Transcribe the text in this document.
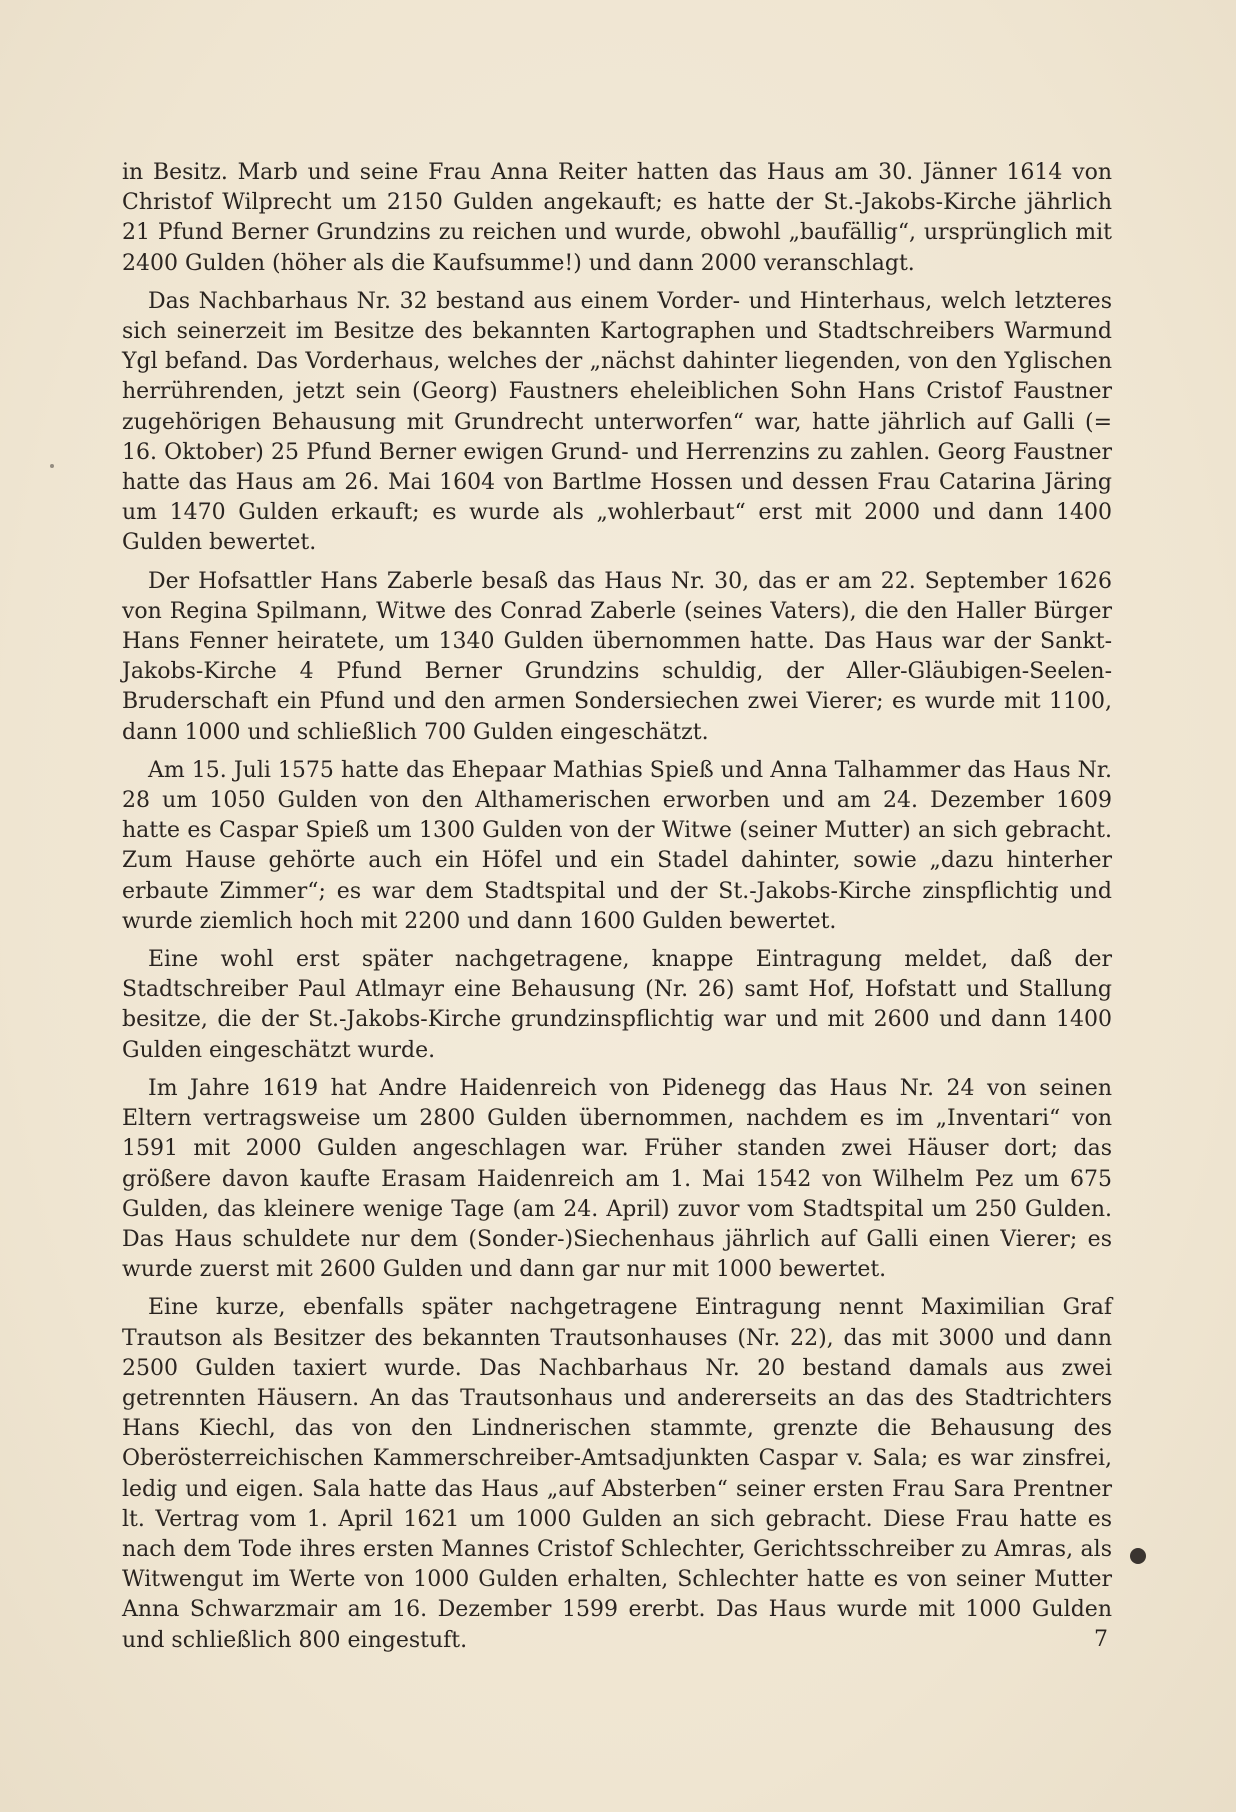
in Besitz. Marb und seine Frau Anna Reiter hatten das Haus am 30. Jänner 1614 von Christof Wilprecht um 2150 Gulden angekauft; es hatte der St.-Jakobs-Kirche jährlich 21 Pfund Berner Grundzins zu reichen und wurde, obwohl „baufällig“, ursprünglich mit 2400 Gulden (höher als die Kaufsumme!) und dann 2000 veranschlagt.

Das Nachbarhaus Nr. 32 bestand aus einem Vorder- und Hinterhaus, welch letzteres sich seinerzeit im Besitze des bekannten Kartographen und Stadtschreibers Warmund Ygl befand. Das Vorderhaus, welches der „nächst dahinter liegenden, von den Yglischen herrührenden, jetzt sein (Georg) Faustners eheleiblichen Sohn Hans Cristof Faustner zugehörigen Behausung mit Grundrecht unterworfen“ war, hatte jährlich auf Galli (= 16. Oktober) 25 Pfund Berner ewigen Grund- und Herrenzins zu zahlen. Georg Faustner hatte das Haus am 26. Mai 1604 von Bartlme Hossen und dessen Frau Catarina Järing um 1470 Gulden erkauft; es wurde als „wohlerbaut“ erst mit 2000 und dann 1400 Gulden bewertet.

Der Hofsattler Hans Zaberle besaß das Haus Nr. 30, das er am 22. September 1626 von Regina Spilmann, Witwe des Conrad Zaberle (seines Vaters), die den Haller Bürger Hans Fenner heiratete, um 1340 Gulden übernommen hatte. Das Haus war der Sankt-Jakobs-Kirche 4 Pfund Berner Grundzins schuldig, der Aller-Gläubigen-Seelen-Bruderschaft ein Pfund und den armen Sondersiechen zwei Vierer; es wurde mit 1100, dann 1000 und schließlich 700 Gulden eingeschätzt.

Am 15. Juli 1575 hatte das Ehepaar Mathias Spieß und Anna Talhammer das Haus Nr. 28 um 1050 Gulden von den Althamerischen erworben und am 24. Dezember 1609 hatte es Caspar Spieß um 1300 Gulden von der Witwe (seiner Mutter) an sich gebracht. Zum Hause gehörte auch ein Höfel und ein Stadel dahinter, sowie „dazu hinterher erbaute Zimmer“; es war dem Stadtspital und der St.-Jakobs-Kirche zinspflichtig und wurde ziemlich hoch mit 2200 und dann 1600 Gulden bewertet.

Eine wohl erst später nachgetragene, knappe Eintragung meldet, daß der Stadtschreiber Paul Atlmayr eine Behausung (Nr. 26) samt Hof, Hofstatt und Stallung besitze, die der St.-Jakobs-Kirche grundzinspflichtig war und mit 2600 und dann 1400 Gulden eingeschätzt wurde.

Im Jahre 1619 hat Andre Haidenreich von Pidenegg das Haus Nr. 24 von seinen Eltern vertragsweise um 2800 Gulden übernommen, nachdem es im „Inventari“ von 1591 mit 2000 Gulden angeschlagen war. Früher standen zwei Häuser dort; das größere davon kaufte Erasam Haidenreich am 1. Mai 1542 von Wilhelm Pez um 675 Gulden, das kleinere wenige Tage (am 24. April) zuvor vom Stadtspital um 250 Gulden. Das Haus schuldete nur dem (Sonder-)Siechenhaus jährlich auf Galli einen Vierer; es wurde zuerst mit 2600 Gulden und dann gar nur mit 1000 bewertet.

Eine kurze, ebenfalls später nachgetragene Eintragung nennt Maximilian Graf Trautson als Besitzer des bekannten Trautsonhauses (Nr. 22), das mit 3000 und dann 2500 Gulden taxiert wurde. Das Nachbarhaus Nr. 20 bestand damals aus zwei getrennten Häusern. An das Trautsonhaus und andererseits an das des Stadtrichters Hans Kiechl, das von den Lindnerischen stammte, grenzte die Behausung des Oberösterreichischen Kammerschreiber-Amtsadjunkten Caspar v. Sala; es war zinsfrei, ledig und eigen. Sala hatte das Haus „auf Absterben“ seiner ersten Frau Sara Prentner lt. Vertrag vom 1. April 1621 um 1000 Gulden an sich gebracht. Diese Frau hatte es nach dem Tode ihres ersten Mannes Cristof Schlechter, Gerichtsschreiber zu Amras, als Witwengut im Werte von 1000 Gulden erhalten, Schlechter hatte es von seiner Mutter Anna Schwarzmair am 16. Dezember 1599 ererbt. Das Haus wurde mit 1000 Gulden und schließlich 800 eingestuft.	7
